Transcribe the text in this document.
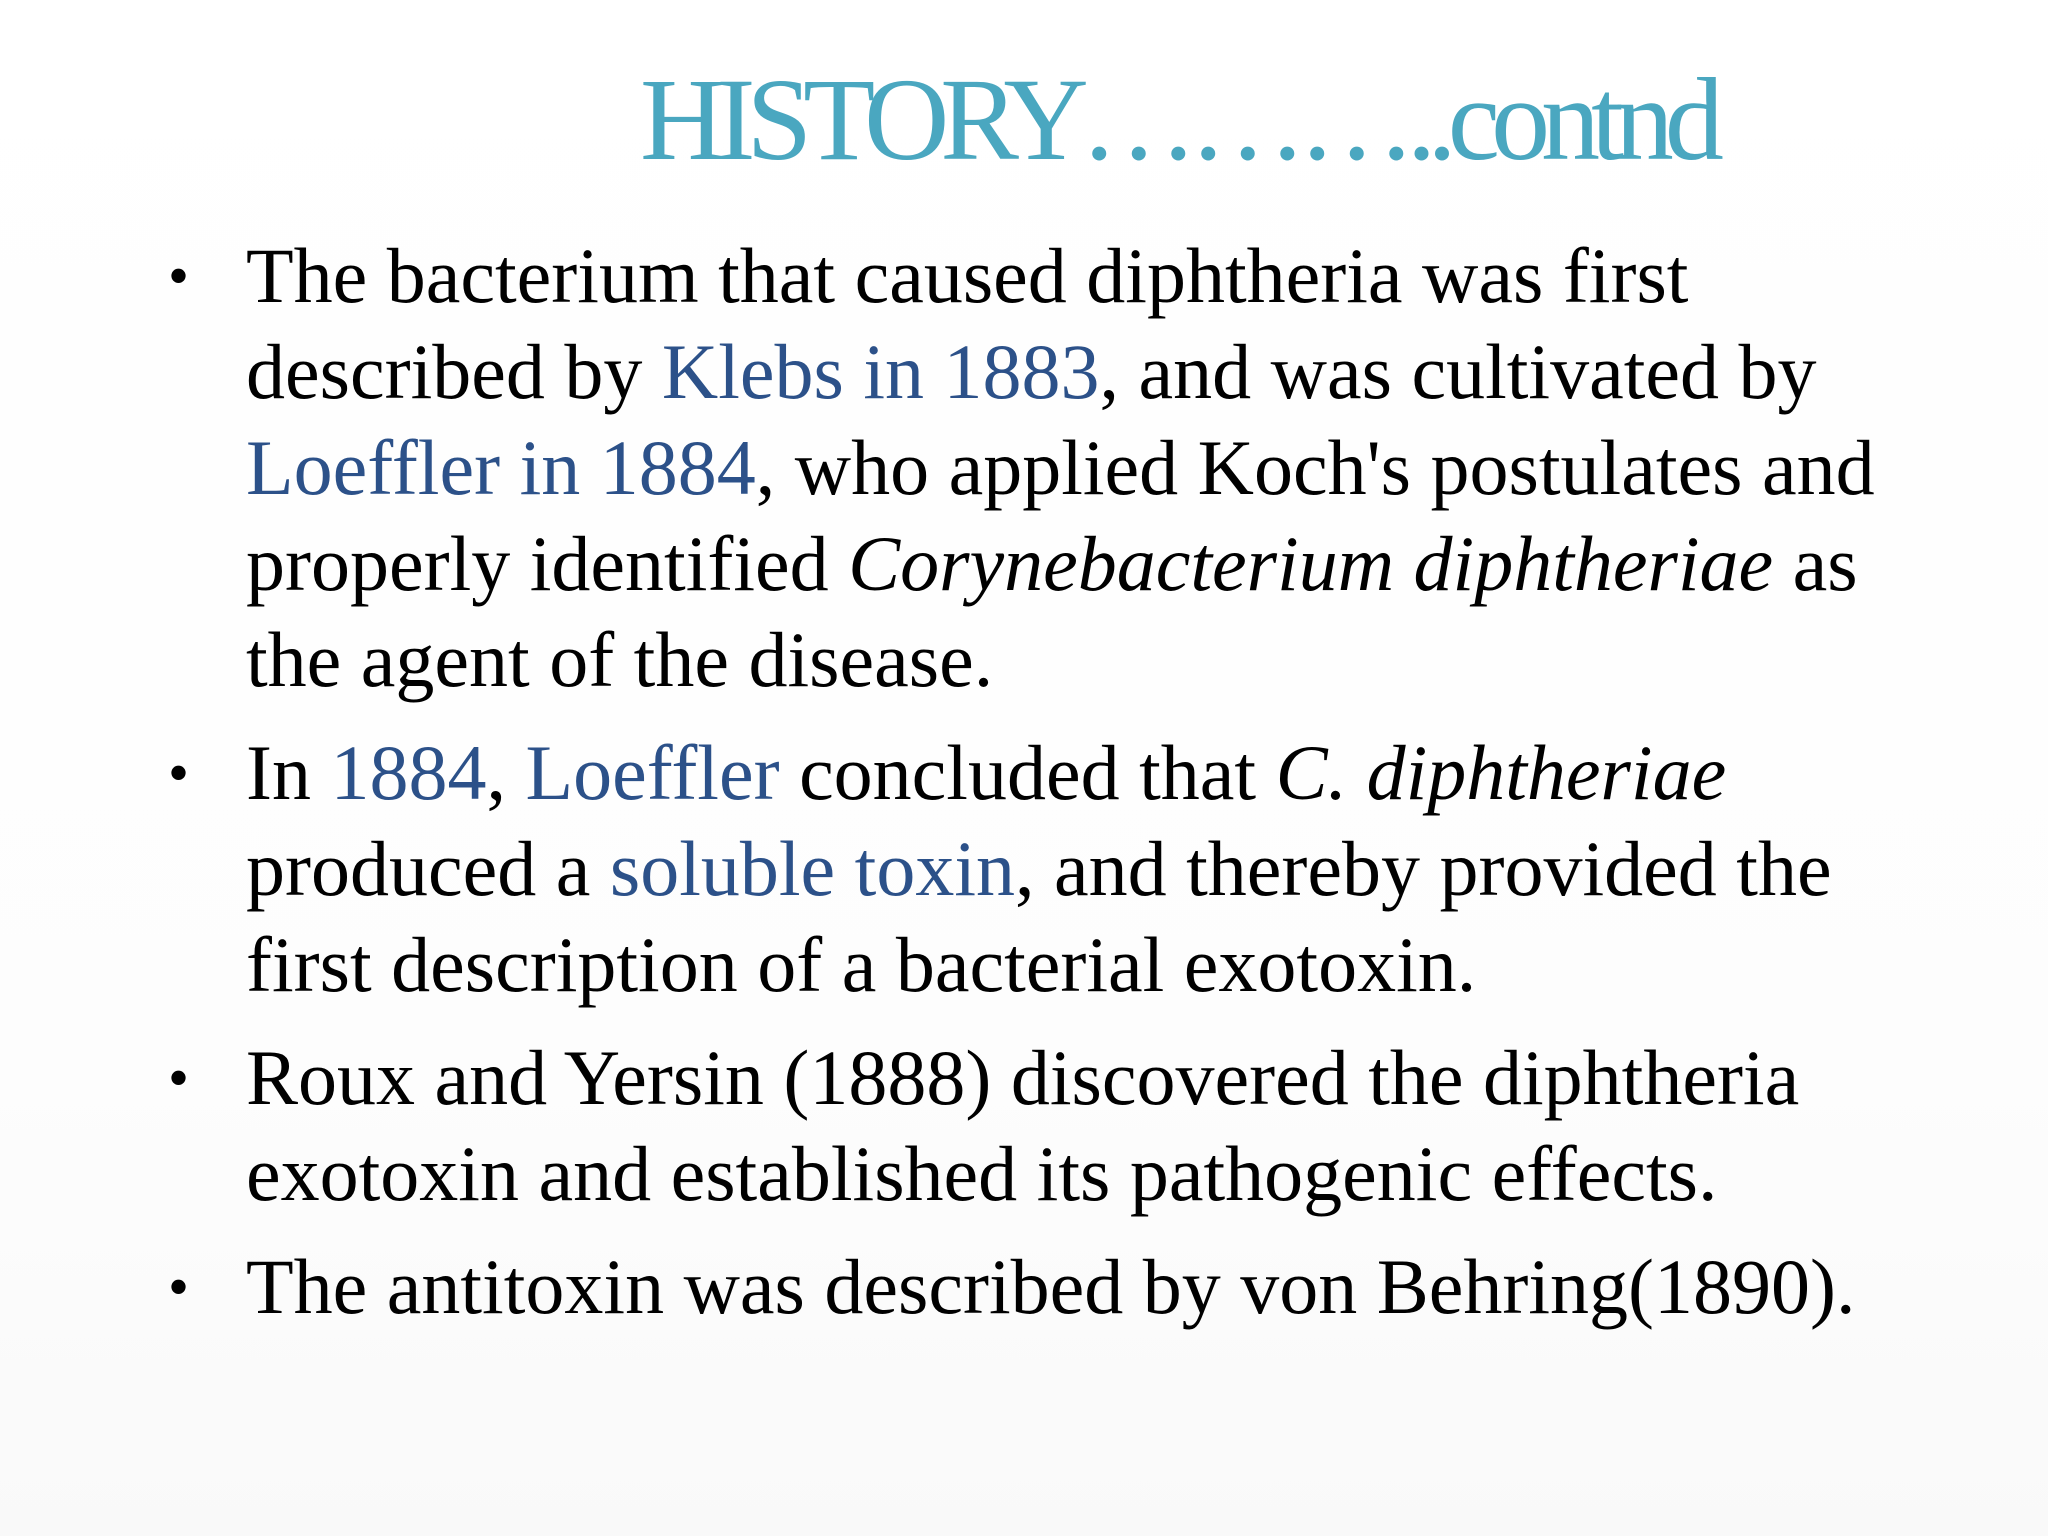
HISTORY………..contnd
• The bacterium that caused diphtheria was first described by Klebs in 1883, and was cultivated by Loeffler in 1884, who applied Koch's postulates and properly identified Corynebacterium diphtheriae as the agent of the disease.
• In 1884, Loeffler concluded that C. diphtheriae produced a soluble toxin, and thereby provided the first description of a bacterial exotoxin.
• Roux and Yersin (1888) discovered the diphtheria exotoxin and established its pathogenic effects.
• The antitoxin was described by von Behring(1890).
